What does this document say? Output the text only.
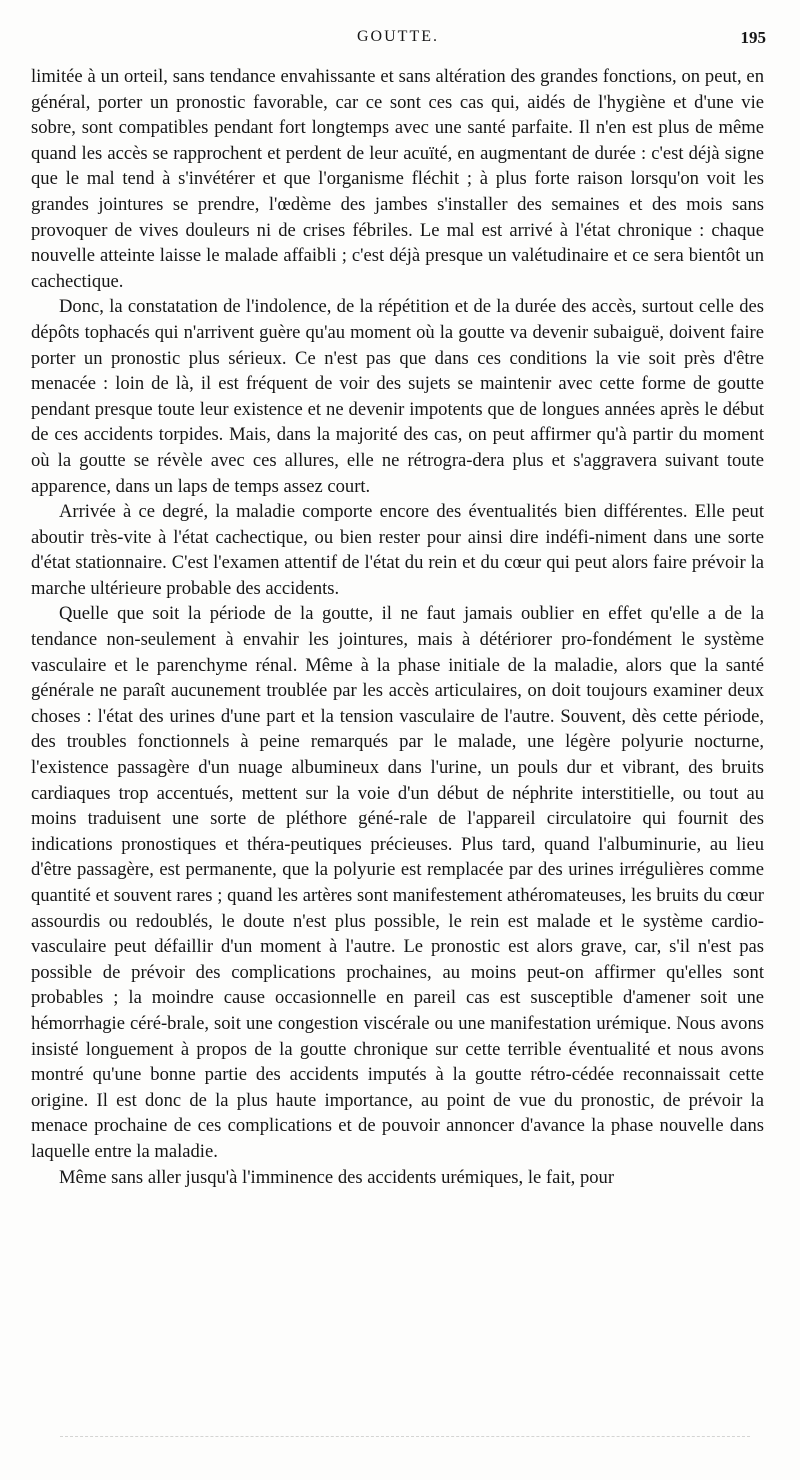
GOUTTE.	195

limitée à un orteil, sans tendance envahissante et sans altération des grandes fonctions, on peut, en général, porter un pronostic favorable, car ce sont ces cas qui, aidés de l'hygiène et d'une vie sobre, sont compatibles pendant fort longtemps avec une santé parfaite. Il n'en est plus de même quand les accès se rapprochent et perdent de leur acuïté, en augmentant de durée : c'est déjà signe que le mal tend à s'invétérer et que l'organisme fléchit ; à plus forte raison lorsqu'on voit les grandes jointures se prendre, l'œdème des jambes s'installer des semaines et des mois sans provoquer de vives douleurs ni de crises fébriles. Le mal est arrivé à l'état chronique : chaque nouvelle atteinte laisse le malade affaibli ; c'est déjà presque un valétudinaire et ce sera bientôt un cachectique.

Donc, la constatation de l'indolence, de la répétition et de la durée des accès, surtout celle des dépôts tophacés qui n'arrivent guère qu'au moment où la goutte va devenir subaiguë, doivent faire porter un pronostic plus sérieux. Ce n'est pas que dans ces conditions la vie soit près d'être menacée : loin de là, il est fréquent de voir des sujets se maintenir avec cette forme de goutte pendant presque toute leur existence et ne devenir impotents que de longues années après le début de ces accidents torpides. Mais, dans la majorité des cas, on peut affirmer qu'à partir du moment où la goutte se révèle avec ces allures, elle ne rétrogra-dera plus et s'aggravera suivant toute apparence, dans un laps de temps assez court.

Arrivée à ce degré, la maladie comporte encore des éventualités bien différentes. Elle peut aboutir très-vite à l'état cachectique, ou bien rester pour ainsi dire indéfi-niment dans une sorte d'état stationnaire. C'est l'examen attentif de l'état du rein et du cœur qui peut alors faire prévoir la marche ultérieure probable des accidents.

Quelle que soit la période de la goutte, il ne faut jamais oublier en effet qu'elle a de la tendance non-seulement à envahir les jointures, mais à détériorer pro-fondément le système vasculaire et le parenchyme rénal. Même à la phase initiale de la maladie, alors que la santé générale ne paraît aucunement troublée par les accès articulaires, on doit toujours examiner deux choses : l'état des urines d'une part et la tension vasculaire de l'autre. Souvent, dès cette période, des troubles fonctionnels à peine remarqués par le malade, une légère polyurie nocturne, l'existence passagère d'un nuage albumineux dans l'urine, un pouls dur et vibrant, des bruits cardiaques trop accentués, mettent sur la voie d'un début de néphrite interstitielle, ou tout au moins traduisent une sorte de pléthore géné-rale de l'appareil circulatoire qui fournit des indications pronostiques et théra-peutiques précieuses. Plus tard, quand l'albuminurie, au lieu d'être passagère, est permanente, que la polyurie est remplacée par des urines irrégulières comme quantité et souvent rares ; quand les artères sont manifestement athéromateuses, les bruits du cœur assourdis ou redoublés, le doute n'est plus possible, le rein est malade et le système cardio-vasculaire peut défaillir d'un moment à l'autre. Le pronostic est alors grave, car, s'il n'est pas possible de prévoir des complications prochaines, au moins peut-on affirmer qu'elles sont probables ; la moindre cause occasionnelle en pareil cas est susceptible d'amener soit une hémorrhagie céré-brale, soit une congestion viscérale ou une manifestation urémique. Nous avons insisté longuement à propos de la goutte chronique sur cette terrible éventualité et nous avons montré qu'une bonne partie des accidents imputés à la goutte rétro-cédée reconnaissait cette origine. Il est donc de la plus haute importance, au point de vue du pronostic, de prévoir la menace prochaine de ces complications et de pouvoir annoncer d'avance la phase nouvelle dans laquelle entre la maladie.

Même sans aller jusqu'à l'imminence des accidents urémiques, le fait, pour
